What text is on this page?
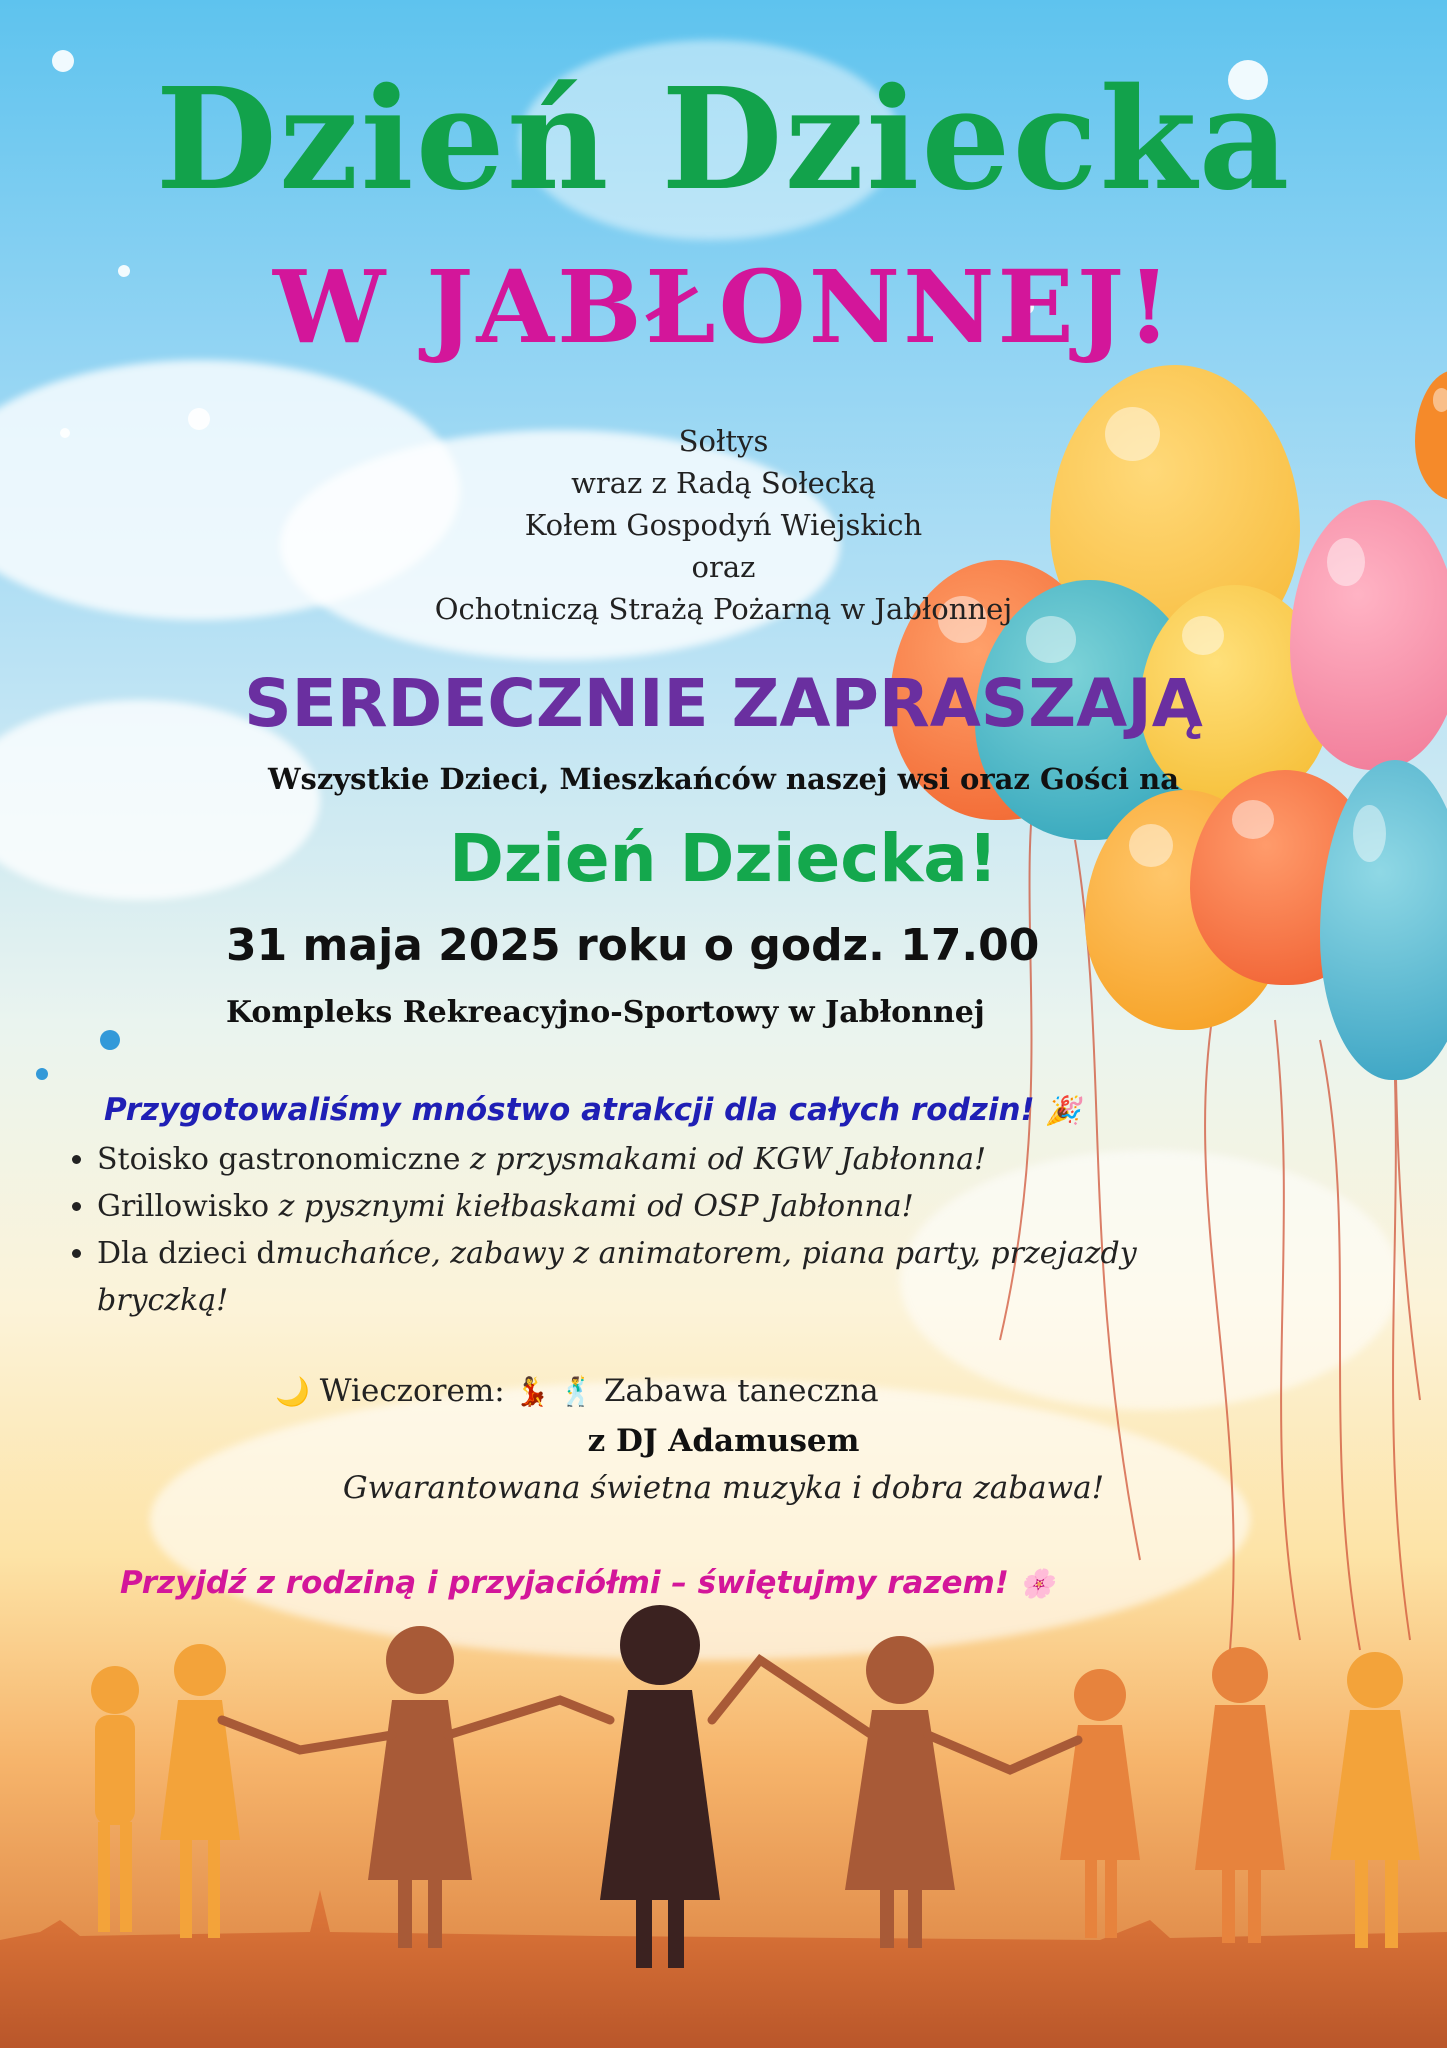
Dzień Dziecka
W JABŁONNEJ!

Sołtys

wraz z Radą Sołecką

Kołem Gospodyń Wiejskich

oraz

Ochotniczą Strażą Pożarną w Jabłonnej

SERDECZNIE ZAPRASZAJĄ

Wszystkie Dzieci, Mieszkańców naszej wsi oraz Gości na

Dzień Dziecka!

31 maja 2025 roku o godz. 17.00

Kompleks Rekreacyjno-Sportowy w Jabłonnej

Przygotowaliśmy mnóstwo atrakcji dla całych rodzin! 🎉

• Stoisko gastronomiczne z przysmakami od KGW Jabłonna!
• Grillowisko z pysznymi kiełbaskami od OSP Jabłonna!
• Dla dzieci dmuchańce, zabawy z animatorem, piana party, przejazdy bryczką!

🌙 Wieczorem: 💃 🕺 Zabawa taneczna

z DJ Adamusem

Gwarantowana świetna muzyka i dobra zabawa!

Przyjdź z rodziną i przyjaciółmi – świętujmy razem! 🌸
